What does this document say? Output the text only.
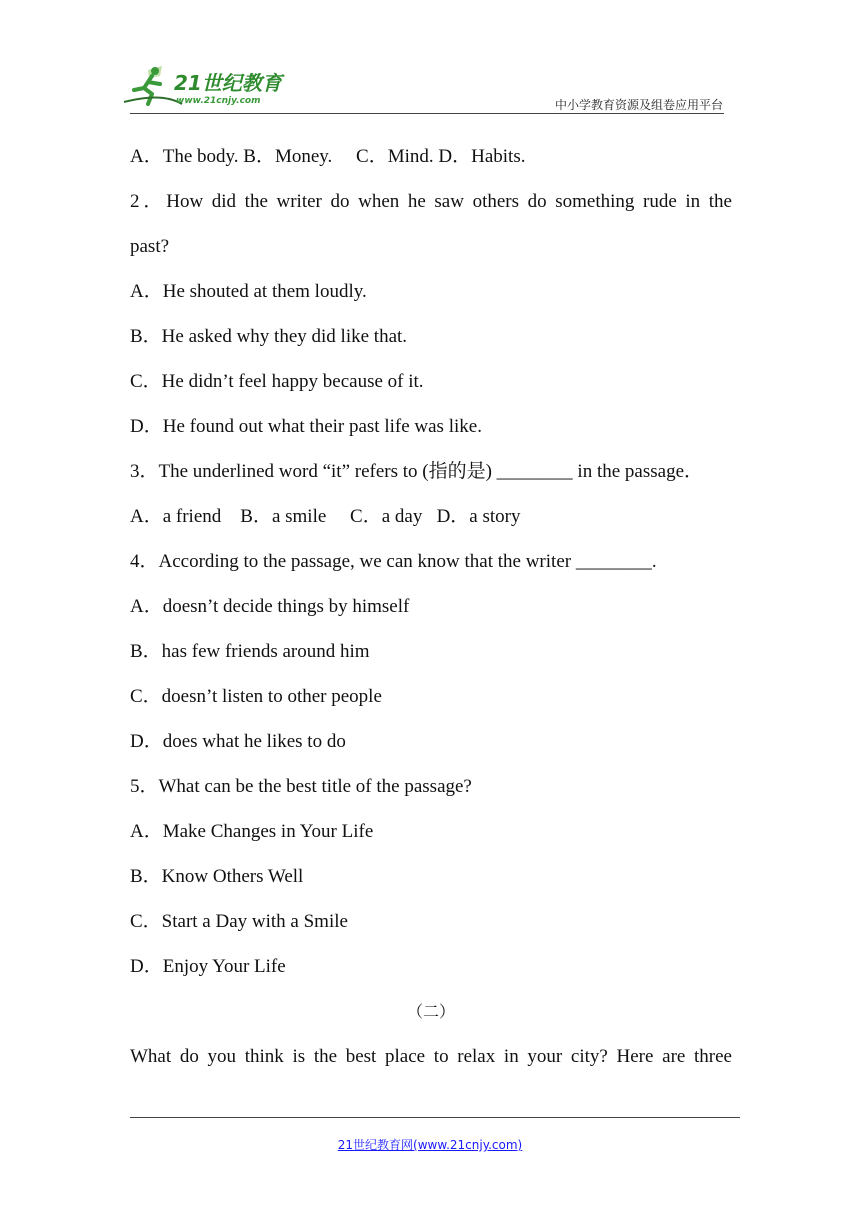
21世纪教育
www.21cnjy.com	中小学教育资源及组卷应用平台
A．The body. B．Money.     C．Mind. D．Habits.
2．How did the writer do when he saw others do something rude in the
past?
A．He shouted at them loudly.
B．He asked why they did like that.
C．He didn’t feel happy because of it.
D．He found out what their past life was like.
3．The underlined word “it” refers to (指的是) ________ in the passage．
A．a friend    B．a smile     C．a day   D．a story
4．According to the passage, we can know that the writer ________.
A．doesn’t decide things by himself
B．has few friends around him
C．doesn’t listen to other people
D．does what he likes to do
5．What can be the best title of the passage?
A．Make Changes in Your Life
B．Know Others Well
C．Start a Day with a Smile
D．Enjoy Your Life
（二）
What do you think is the best place to relax in your city? Here are three
21世纪教育网(www.21cnjy.com)
